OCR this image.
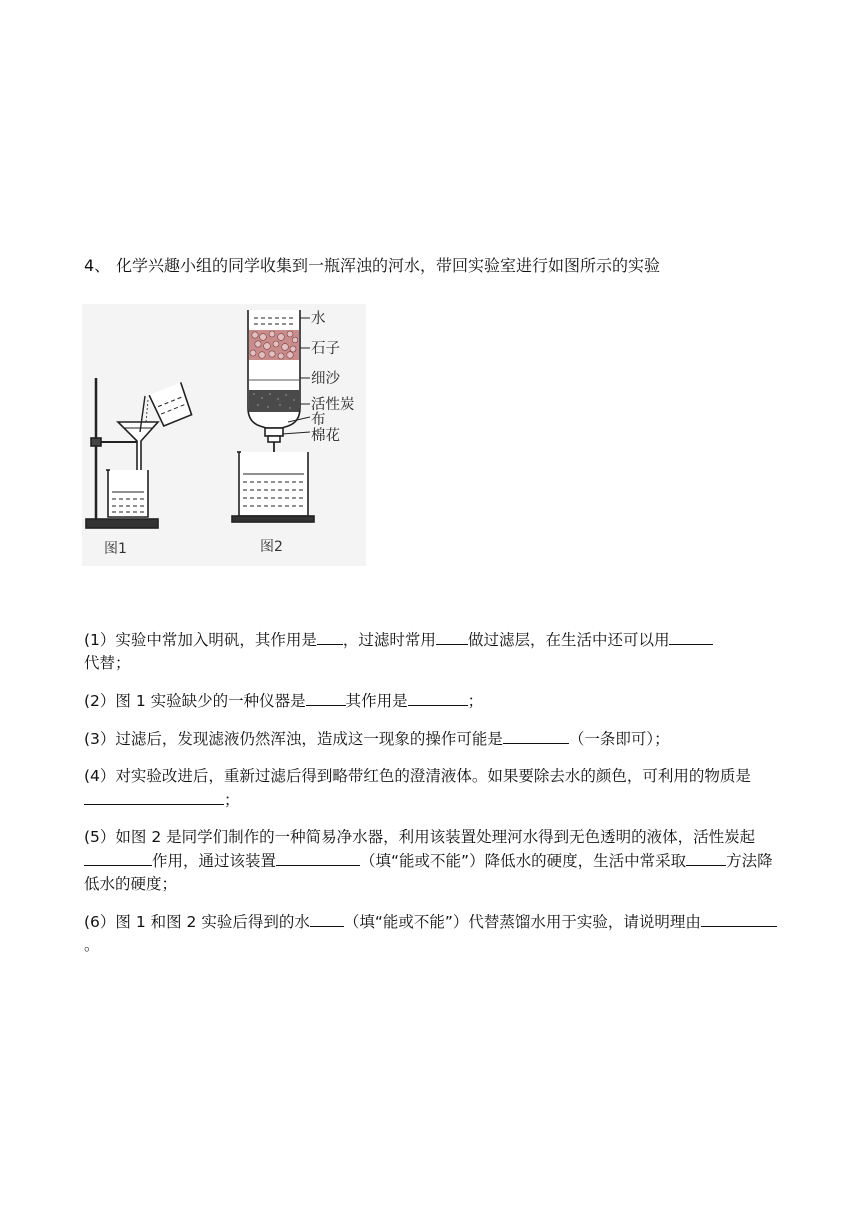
4、 化学兴趣小组的同学收集到一瓶浑浊的河水，带回实验室进行如图所示的实验
图1
水
石子
细沙
活性炭
布
棉花
图2
(1）实验中常加入明矾，其作用是 ，过滤时常用 做过滤层，在生活中还可以用
代替；
(2）图 1 实验缺少的一种仪器是	其作用是	；
(3）过滤后，发现滤液仍然浑浊，造成这一现象的操作可能是	（一条即可）；
(4）对实验改进后，重新过滤后得到略带红色的澄清液体。如果要除去水的颜色，可利用的物质是；
(5）如图 2 是同学们制作的一种简易净水器，利用该装置处理河水得到无色透明的液体，活性炭起作用，通过该装置	（填“能或不能”）降低水的硬度，生活中常采取	方法降低水的硬度；
(6）图 1 和图 2 实验后得到的水 （填“能或不能”）代替蒸馏水用于实验，请说明理由。
